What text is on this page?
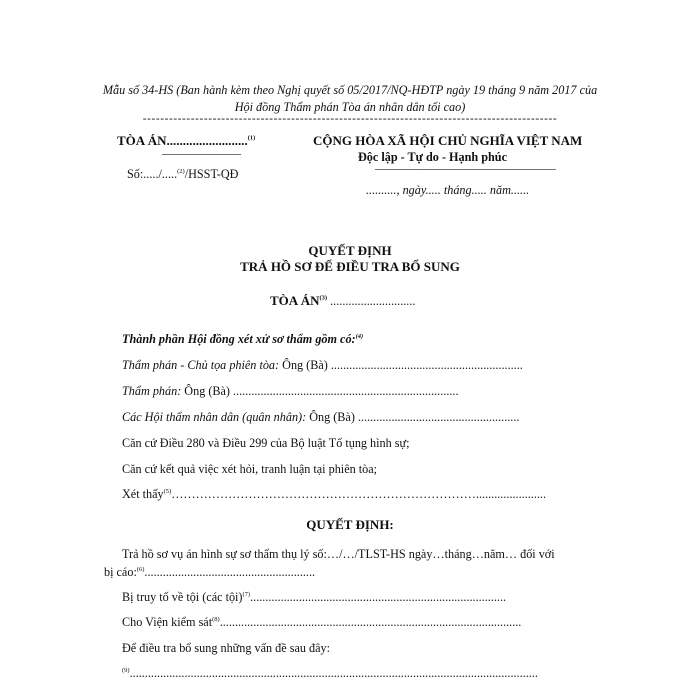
Mẫu số 34-HS (Ban hành kèm theo Nghị quyết số 05/2017/NQ-HĐTP ngày 19 tháng 9 năm 2017 của
Hội đồng Thẩm phán Tòa án nhân dân tối cao)
-----------------------------------------------------------------------------------------------
TÒA ÁN.........................$^{(1)}$
———————
Số:...../.....$^{(2)}$/HSST-QĐ
CỘNG HÒA XÃ HỘI CHỦ NGHĨA VIỆT NAM
Độc lập - Tự do - Hạnh phúc
————————————————
.........., ngày..... tháng..... năm......
QUYẾT ĐỊNH
TRẢ HỒ SƠ ĐỂ ĐIỀU TRA BỔ SUNG
TÒA ÁN$^{(3)}$ ............................
Thành phần Hội đồng xét xử sơ thẩm gồm có:$^{(4)}$
Thẩm phán - Chủ tọa phiên tòa: Ông (Bà) ...............................................................
Thẩm phán: Ông (Bà) ..........................................................................
Các Hội thẩm nhân dân (quân nhân): Ông (Bà) .....................................................
Căn cứ Điều 280 và Điều 299 của Bộ luật Tố tụng hình sự;
Căn cứ kết quả việc xét hỏi, tranh luận tại phiên tòa;
Xét thấy$^{(5)}$………………………………………………………………….......................
QUYẾT ĐỊNH:
Trả hồ sơ vụ án hình sự sơ thẩm thụ lý số:…/…/TLST-HS ngày…tháng…năm… đối với
bị cáo:$^{(6)}$........................................................
Bị truy tố về tội (các tội)$^{(7)}$....................................................................................
Cho Viện kiểm sát$^{(8)}$...................................................................................................
Để điều tra bổ sung những vấn đề sau đây:
$^{(9)}$......................................................................................................................................
